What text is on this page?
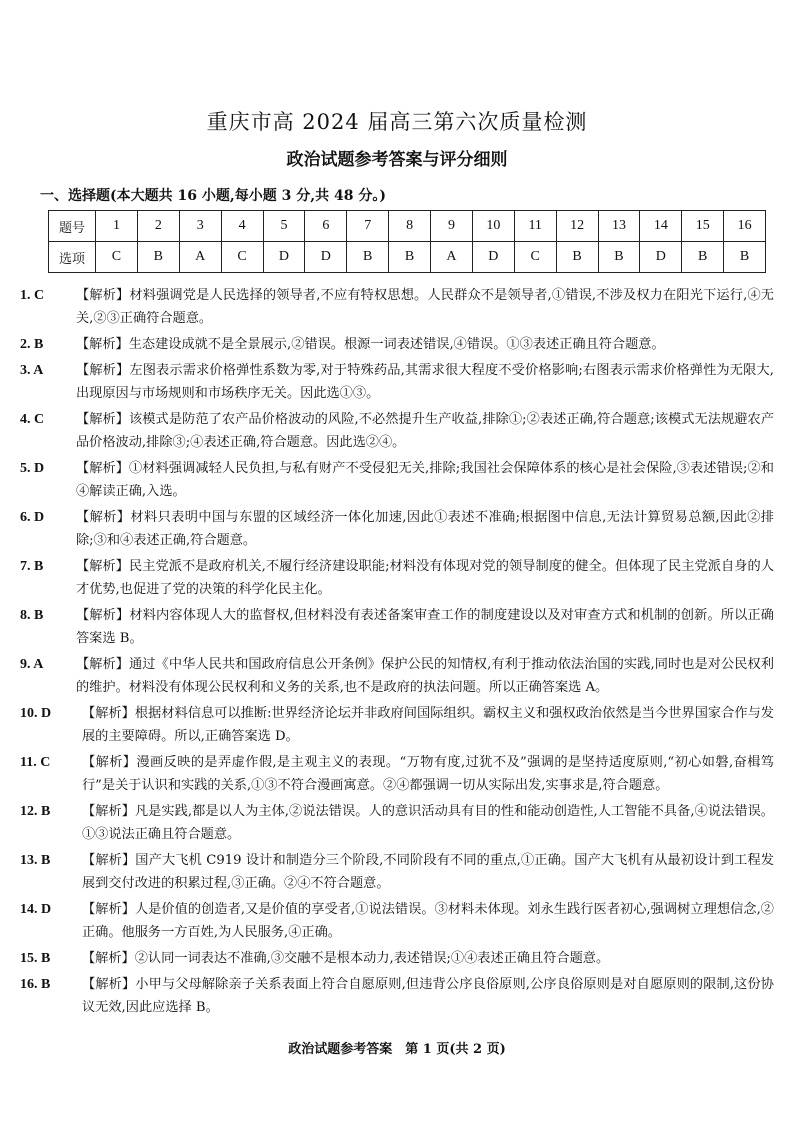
重庆市高 2024 届高三第六次质量检测
政治试题参考答案与评分细则
一、选择题(本大题共 16 小题,每小题 3 分,共 48 分。)
题号	1	2	3	4	5	6	7	8	9	10	11	12	13	14	15	16
选项	C	B	A	C	D	D	B	B	A	D	C	B	B	D	B	B
1. C	【解析】材料强调党是人民选择的领导者,不应有特权思想。人民群众不是领导者,①错误,不涉及权力在阳光下运行,④无关,②③正确符合题意。
2. B	【解析】生态建设成就不是全景展示,②错误。根源一词表述错误,④错误。①③表述正确且符合题意。
3. A	【解析】左图表示需求价格弹性系数为零,对于特殊药品,其需求很大程度不受价格影响;右图表示需求价格弹性为无限大,出现原因与市场规则和市场秩序无关。因此选①③。
4. C	【解析】该模式是防范了农产品价格波动的风险,不必然提升生产收益,排除①;②表述正确,符合题意;该模式无法规避农产品价格波动,排除③;④表述正确,符合题意。因此选②④。
5. D	【解析】①材料强调减轻人民负担,与私有财产不受侵犯无关,排除;我国社会保障体系的核心是社会保险,③表述错误;②和④解读正确,入选。
6. D	【解析】材料只表明中国与东盟的区域经济一体化加速,因此①表述不准确;根据图中信息,无法计算贸易总额,因此②排除;③和④表述正确,符合题意。
7. B	【解析】民主党派不是政府机关,不履行经济建设职能;材料没有体现对党的领导制度的健全。但体现了民主党派自身的人才优势,也促进了党的决策的科学化民主化。
8. B	【解析】材料内容体现人大的监督权,但材料没有表述备案审查工作的制度建设以及对审查方式和机制的创新。所以正确答案选 B。
9. A	【解析】通过《中华人民共和国政府信息公开条例》保护公民的知情权,有利于推动依法治国的实践,同时也是对公民权利的维护。材料没有体现公民权利和义务的关系,也不是政府的执法问题。所以正确答案选 A。
10. D	【解析】根据材料信息可以推断:世界经济论坛并非政府间国际组织。霸权主义和强权政治依然是当今世界国家合作与发展的主要障碍。所以,正确答案选 D。
11. C	【解析】漫画反映的是弄虚作假,是主观主义的表现。“万物有度,过犹不及”强调的是坚持适度原则,“初心如磐,奋楫笃行”是关于认识和实践的关系,①③不符合漫画寓意。②④都强调一切从实际出发,实事求是,符合题意。
12. B	【解析】凡是实践,都是以人为主体,②说法错误。人的意识活动具有目的性和能动创造性,人工智能不具备,④说法错误。①③说法正确且符合题意。
13. B	【解析】国产大飞机 C919 设计和制造分三个阶段,不同阶段有不同的重点,①正确。国产大飞机有从最初设计到工程发展到交付改进的积累过程,③正确。②④不符合题意。
14. D	【解析】人是价值的创造者,又是价值的享受者,①说法错误。③材料未体现。刘永生践行医者初心,强调树立理想信念,②正确。他服务一方百姓,为人民服务,④正确。
15. B	【解析】②认同一词表达不准确,③交融不是根本动力,表述错误;①④表述正确且符合题意。
16. B	【解析】小甲与父母解除亲子关系表面上符合自愿原则,但违背公序良俗原则,公序良俗原则是对自愿原则的限制,这份协议无效,因此应选择 B。
政治试题参考答案　第 1 页(共 2 页)
